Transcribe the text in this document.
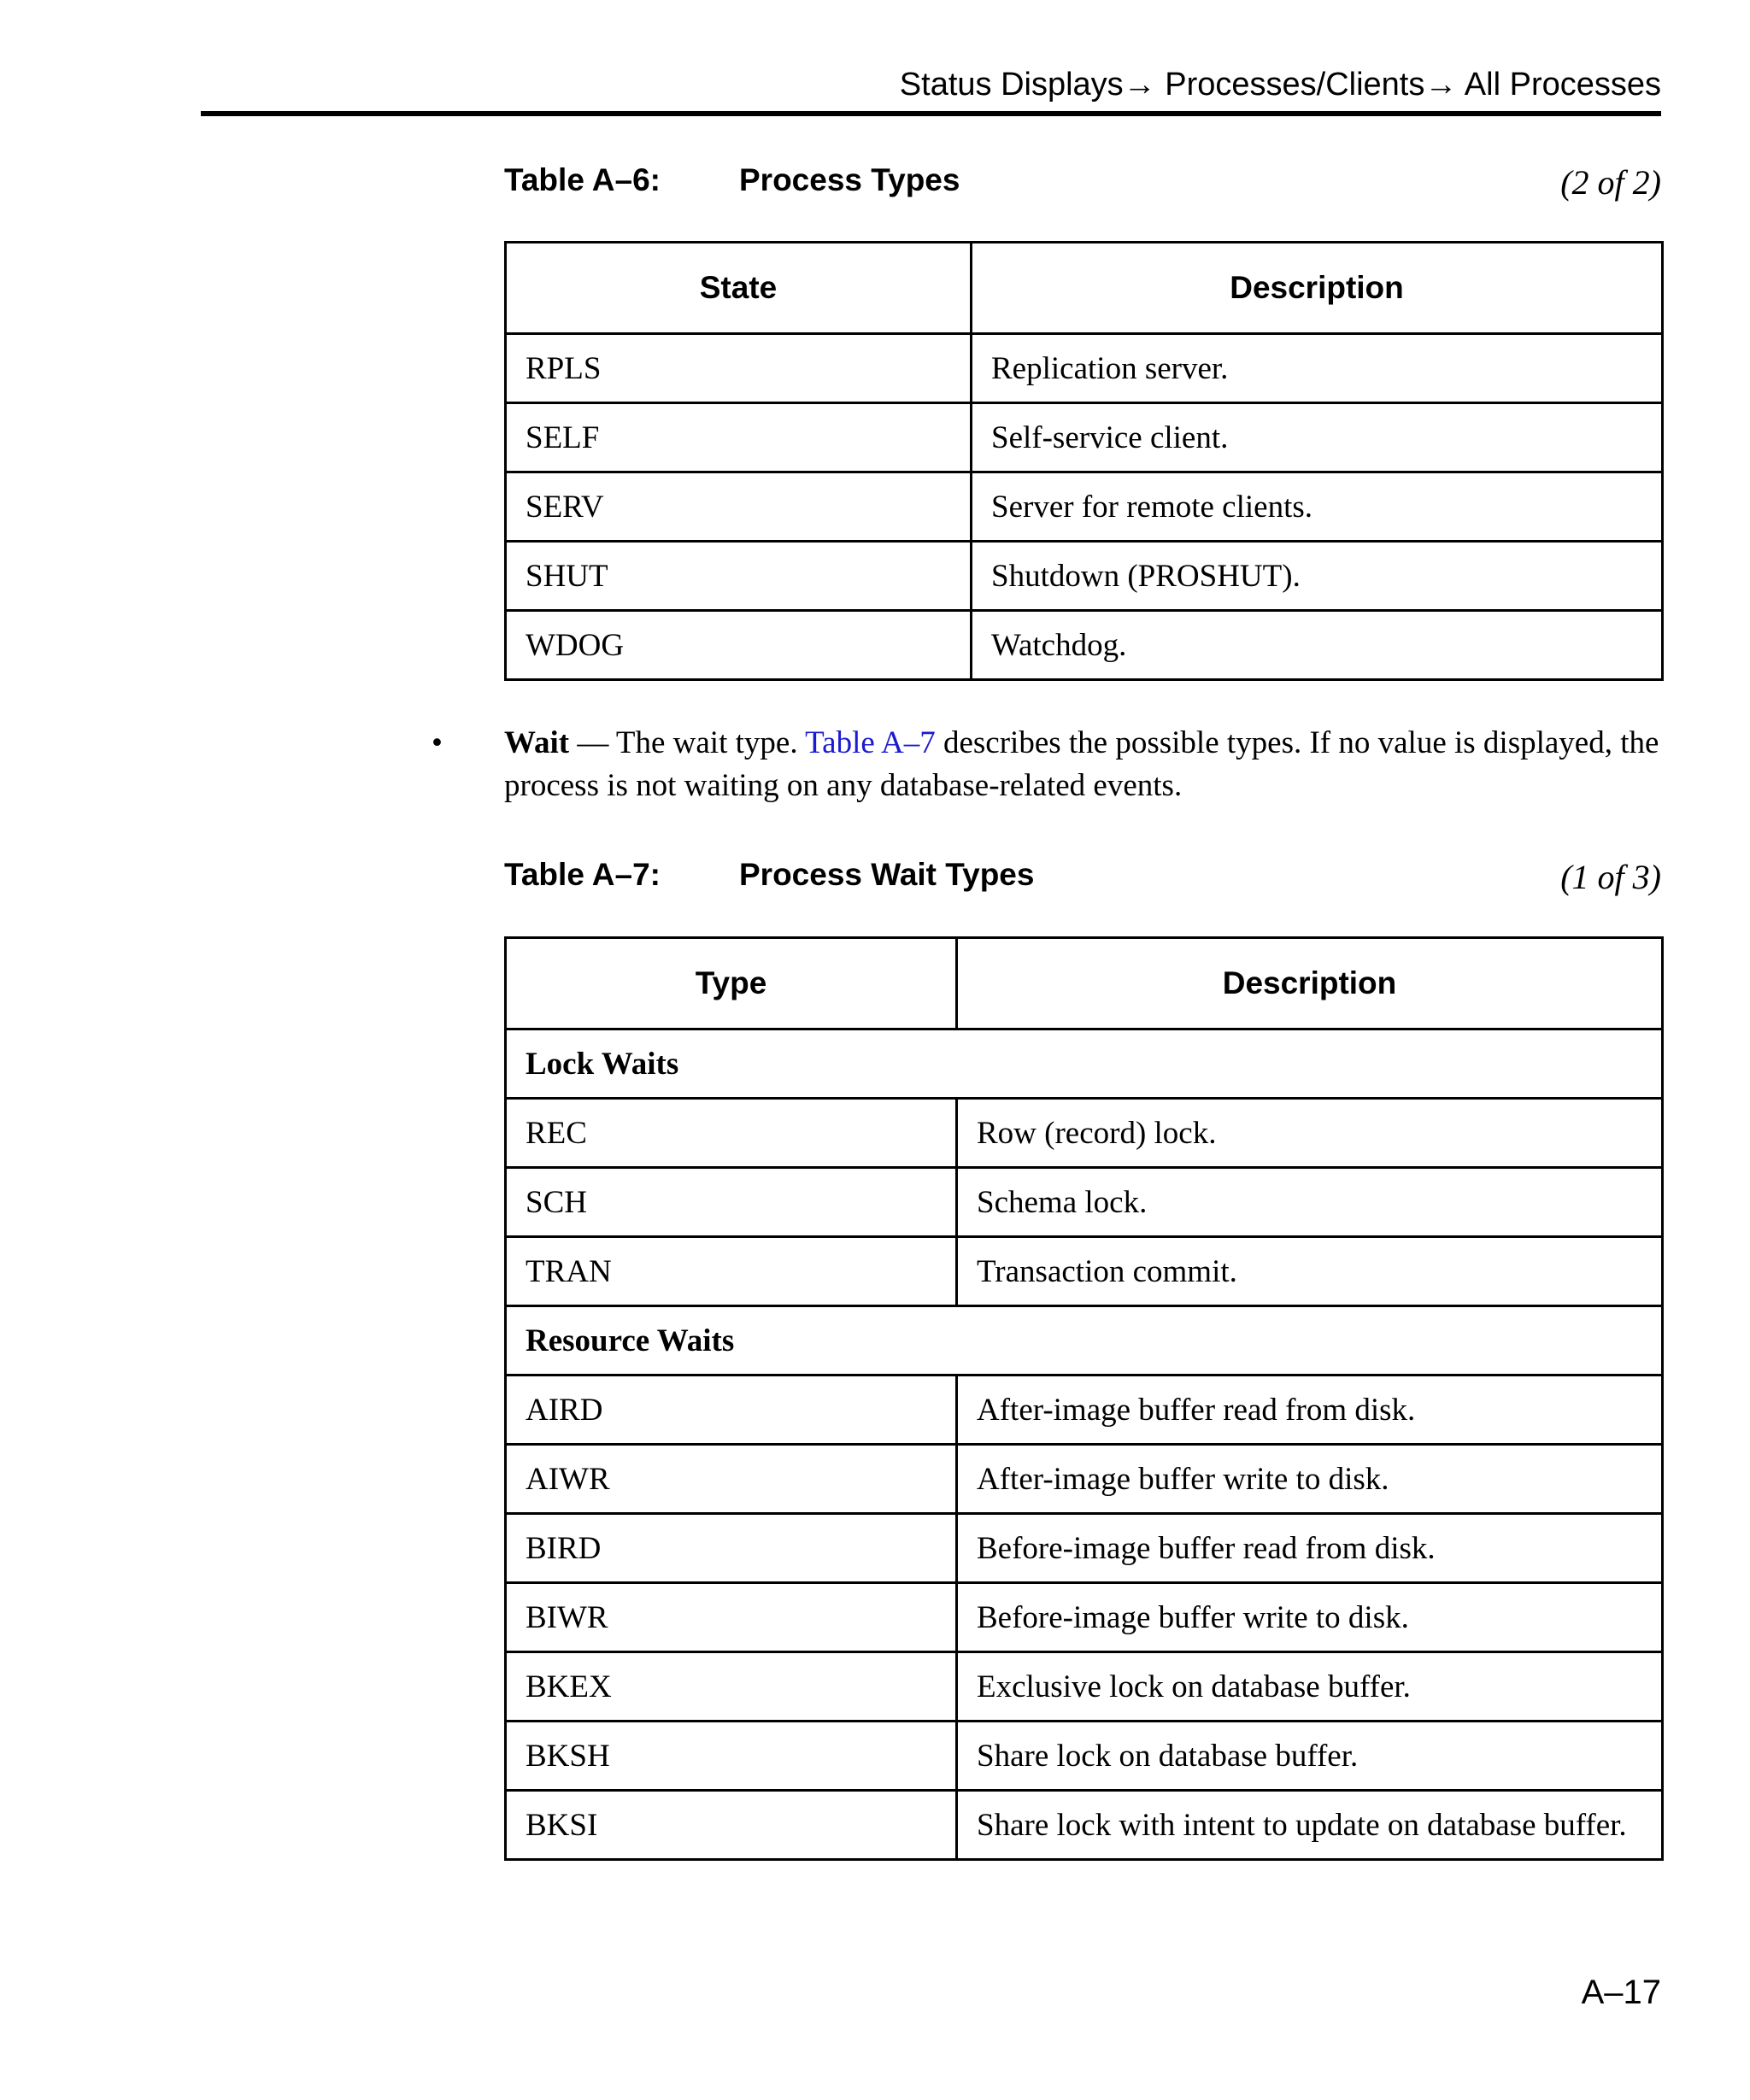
Status Displays→ Processes/Clients→ All Processes
Table A–6: Process Types	(2 of 2)
State	Description
RPLS	Replication server.
SELF	Self-service client.
SERV	Server for remote clients.
SHUT	Shutdown (PROSHUT).
WDOG	Watchdog.
• Wait — The wait type. Table A–7 describes the possible types. If no value is displayed, the process is not waiting on any database-related events.
Table A–7: Process Wait Types	(1 of 3)
Type	Description
Lock Waits	
REC	Row (record) lock.
SCH	Schema lock.
TRAN	Transaction commit.
Resource Waits	
AIRD	After-image buffer read from disk.
AIWR	After-image buffer write to disk.
BIRD	Before-image buffer read from disk.
BIWR	Before-image buffer write to disk.
BKEX	Exclusive lock on database buffer.
BKSH	Share lock on database buffer.
BKSI	Share lock with intent to update on database buffer.
A–17
